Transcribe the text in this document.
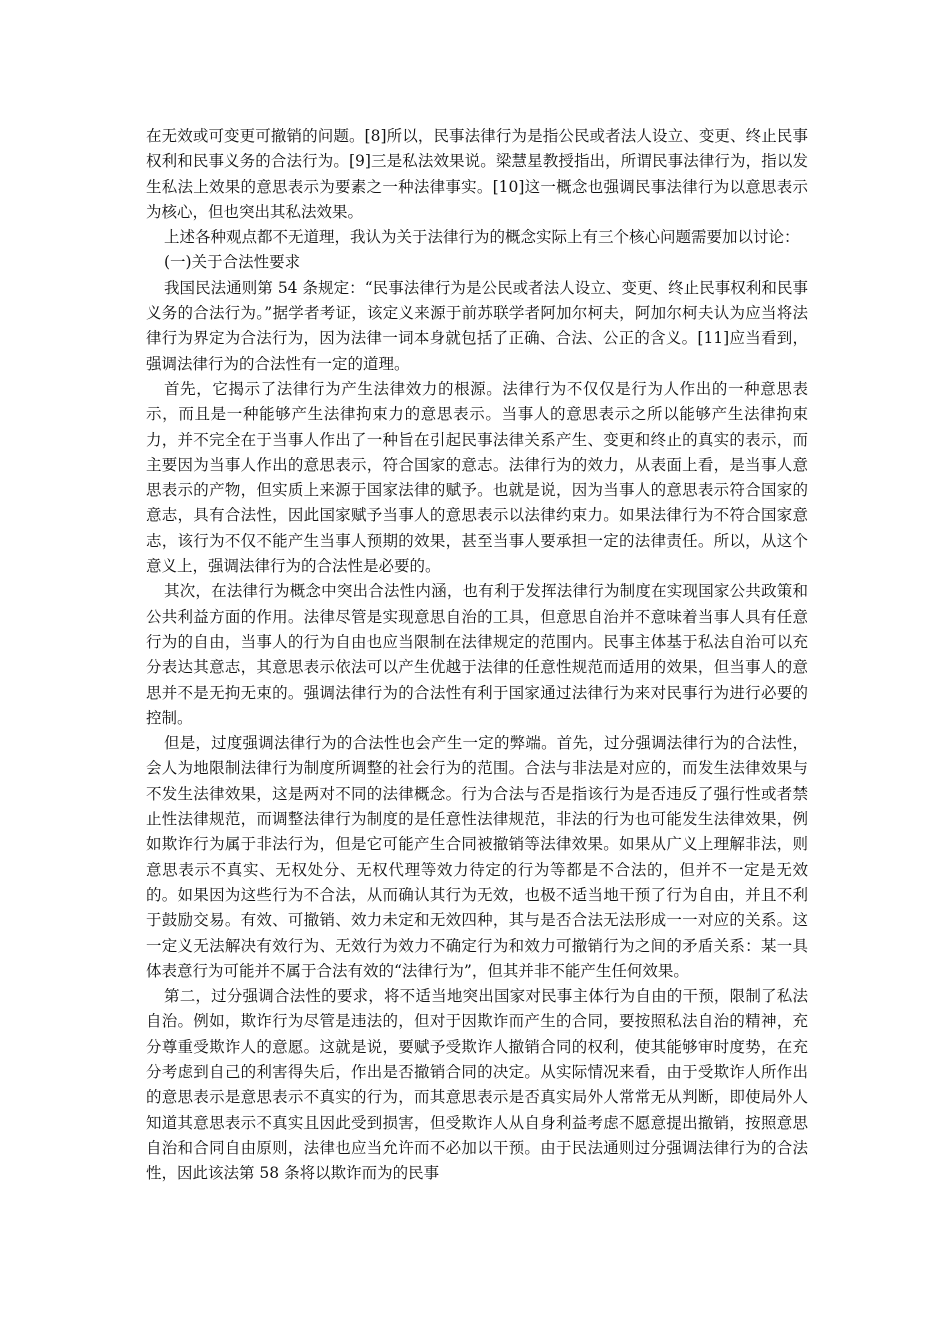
在无效或可变更可撤销的问题。[8]所以，民事法律行为是指公民或者法人设立、变更、终止民事权利和民事义务的合法行为。[9]三是私法效果说。梁慧星教授指出，所谓民事法律行为，指以发生私法上效果的意思表示为要素之一种法律事实。[10]这一概念也强调民事法律行为以意思表示为核心，但也突出其私法效果。

上述各种观点都不无道理，我认为关于法律行为的概念实际上有三个核心问题需要加以讨论：

(一)关于合法性要求

我国民法通则第 54 条规定：“民事法律行为是公民或者法人设立、变更、终止民事权利和民事义务的合法行为。”据学者考证，该定义来源于前苏联学者阿加尔柯夫，阿加尔柯夫认为应当将法律行为界定为合法行为，因为法律一词本身就包括了正确、合法、公正的含义。[11]应当看到，强调法律行为的合法性有一定的道理。

首先，它揭示了法律行为产生法律效力的根源。法律行为不仅仅是行为人作出的一种意思表示，而且是一种能够产生法律拘束力的意思表示。当事人的意思表示之所以能够产生法律拘束力，并不完全在于当事人作出了一种旨在引起民事法律关系产生、变更和终止的真实的表示，而主要因为当事人作出的意思表示，符合国家的意志。法律行为的效力，从表面上看，是当事人意思表示的产物，但实质上来源于国家法律的赋予。也就是说，因为当事人的意思表示符合国家的意志，具有合法性，因此国家赋予当事人的意思表示以法律约束力。如果法律行为不符合国家意志，该行为不仅不能产生当事人预期的效果，甚至当事人要承担一定的法律责任。所以，从这个意义上，强调法律行为的合法性是必要的。

其次，在法律行为概念中突出合法性内涵，也有利于发挥法律行为制度在实现国家公共政策和公共利益方面的作用。法律尽管是实现意思自治的工具，但意思自治并不意味着当事人具有任意行为的自由，当事人的行为自由也应当限制在法律规定的范围内。民事主体基于私法自治可以充分表达其意志，其意思表示依法可以产生优越于法律的任意性规范而适用的效果，但当事人的意思并不是无拘无束的。强调法律行为的合法性有利于国家通过法律行为来对民事行为进行必要的控制。

但是，过度强调法律行为的合法性也会产生一定的弊端。首先，过分强调法律行为的合法性，会人为地限制法律行为制度所调整的社会行为的范围。合法与非法是对应的，而发生法律效果与不发生法律效果，这是两对不同的法律概念。行为合法与否是指该行为是否违反了强行性或者禁止性法律规范，而调整法律行为制度的是任意性法律规范，非法的行为也可能发生法律效果，例如欺诈行为属于非法行为，但是它可能产生合同被撤销等法律效果。如果从广义上理解非法，则意思表示不真实、无权处分、无权代理等效力待定的行为等都是不合法的，但并不一定是无效的。如果因为这些行为不合法，从而确认其行为无效，也极不适当地干预了行为自由，并且不利于鼓励交易。有效、可撤销、效力未定和无效四种，其与是否合法无法形成一一对应的关系。这一定义无法解决有效行为、无效行为效力不确定行为和效力可撤销行为之间的矛盾关系：某一具体表意行为可能并不属于合法有效的“法律行为”，但其并非不能产生任何效果。

第二，过分强调合法性的要求，将不适当地突出国家对民事主体行为自由的干预，限制了私法自治。例如，欺诈行为尽管是违法的，但对于因欺诈而产生的合同，要按照私法自治的精神，充分尊重受欺诈人的意愿。这就是说，要赋予受欺诈人撤销合同的权利，使其能够审时度势，在充分考虑到自己的利害得失后，作出是否撤销合同的决定。从实际情况来看，由于受欺诈人所作出的意思表示是意思表示不真实的行为，而其意思表示是否真实局外人常常无从判断，即使局外人知道其意思表示不真实且因此受到损害，但受欺诈人从自身利益考虑不愿意提出撤销，按照意思自治和合同自由原则，法律也应当允许而不必加以干预。由于民法通则过分强调法律行为的合法性，因此该法第 58 条将以欺诈而为的民事
